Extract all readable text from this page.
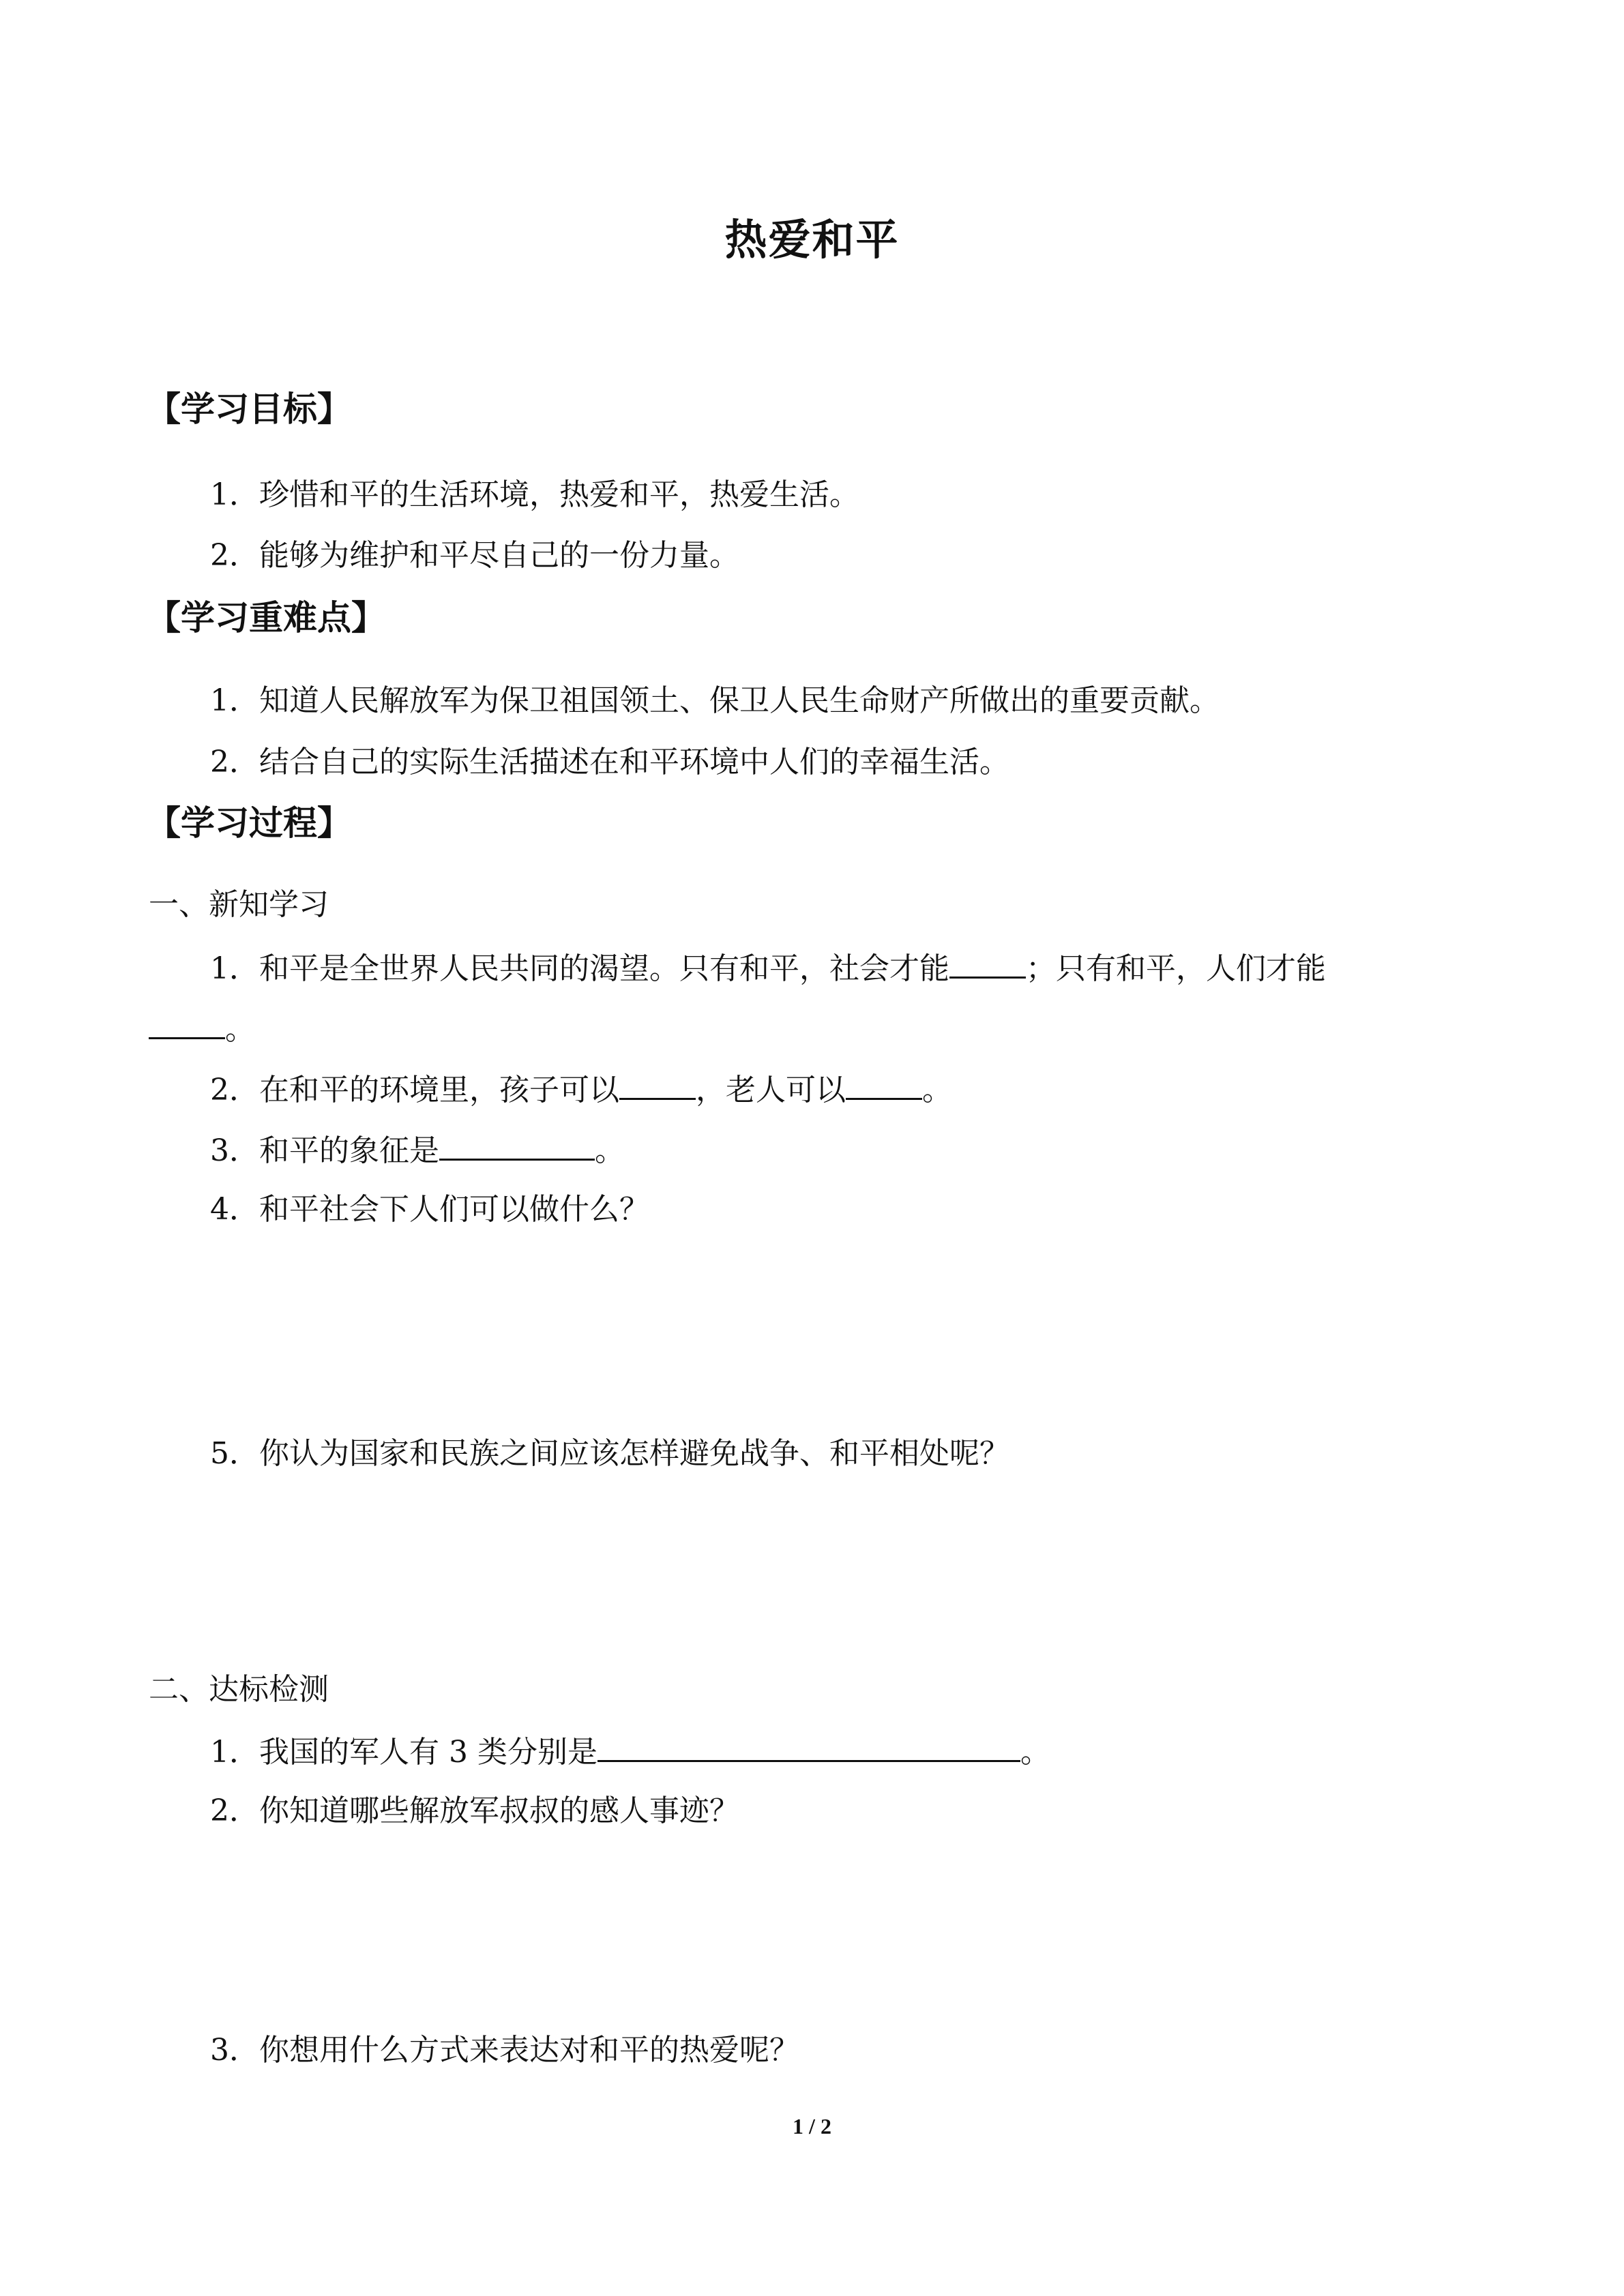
热爱和平
【学习目标】
1．珍惜和平的生活环境，热爱和平，热爱生活。
2．能够为维护和平尽自己的一份力量。
【学习重难点】
1．知道人民解放军为保卫祖国领土、保卫人民生命财产所做出的重要贡献。
2．结合自己的实际生活描述在和平环境中人们的幸福生活。
【学习过程】
一、新知学习
1．和平是全世界人民共同的渴望。只有和平，社会才能	；只有和平，人们才能
。
2．在和平的环境里，孩子可以	，老人可以	。
3．和平的象征是	。
4．和平社会下人们可以做什么？
5．你认为国家和民族之间应该怎样避免战争、和平相处呢？
二、达标检测
1．我国的军人有 3 类分别是	。
2．你知道哪些解放军叔叔的感人事迹？
3．你想用什么方式来表达对和平的热爱呢？
1 / 2
